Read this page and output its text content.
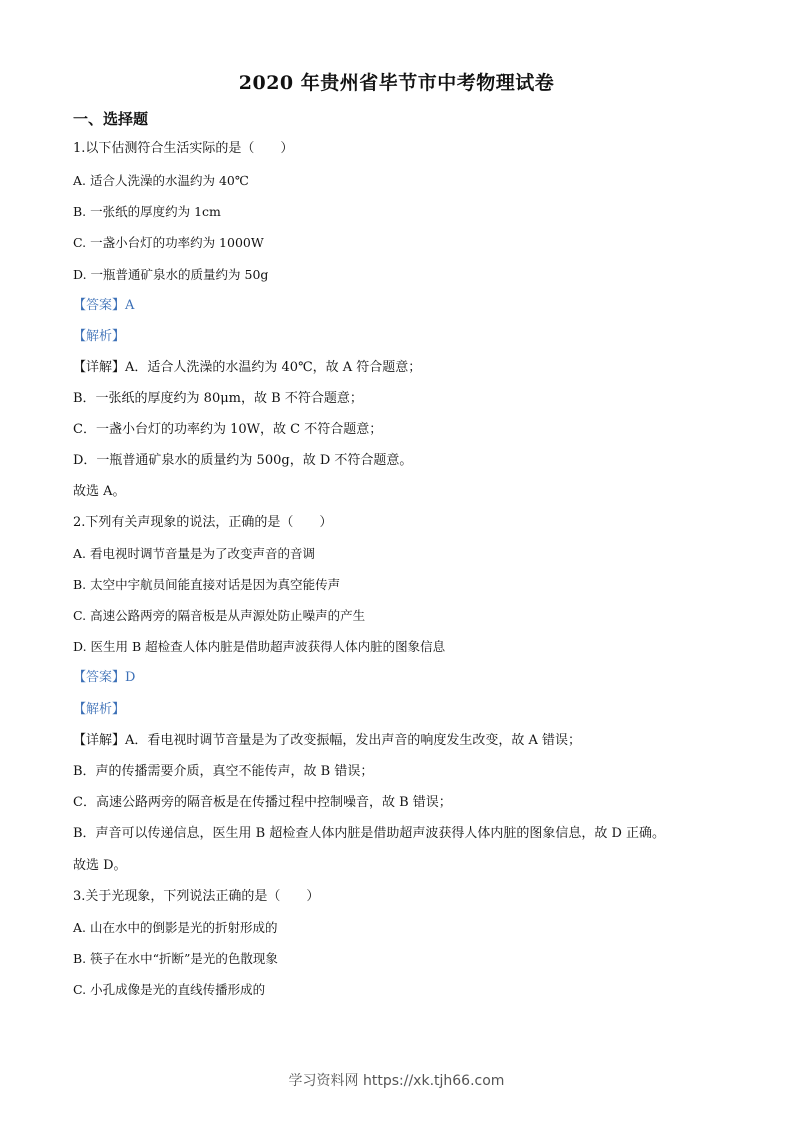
2020 年贵州省毕节市中考物理试卷
一、选择题
1.以下估测符合生活实际的是（　　）
A. 适合人洗澡的水温约为 40℃
B. 一张纸的厚度约为 1cm
C. 一盏小台灯的功率约为 1000W
D. 一瓶普通矿泉水的质量约为 50g
【答案】A
【解析】
【详解】A．适合人洗澡的水温约为 40℃，故 A 符合题意；
B．一张纸的厚度约为 80μm，故 B 不符合题意；
C．一盏小台灯的功率约为 10W，故 C 不符合题意；
D．一瓶普通矿泉水的质量约为 500g，故 D 不符合题意。
故选 A。
2.下列有关声现象的说法，正确的是（　　）
A. 看电视时调节音量是为了改变声音的音调
B. 太空中宇航员间能直接对话是因为真空能传声
C. 高速公路两旁的隔音板是从声源处防止噪声的产生
D. 医生用 B 超检查人体内脏是借助超声波获得人体内脏的图象信息
【答案】D
【解析】
【详解】A．看电视时调节音量是为了改变振幅，发出声音的响度发生改变，故 A 错误；
B．声的传播需要介质，真空不能传声，故 B 错误；
C．高速公路两旁的隔音板是在传播过程中控制噪音，故 B 错误；
B．声音可以传递信息，医生用 B 超检查人体内脏是借助超声波获得人体内脏的图象信息，故 D 正确。
故选 D。
3.关于光现象，下列说法正确的是（　　）
A. 山在水中的倒影是光的折射形成的
B. 筷子在水中“折断”是光的色散现象
C. 小孔成像是光的直线传播形成的
学习资料网 https://xk.tjh66.com
